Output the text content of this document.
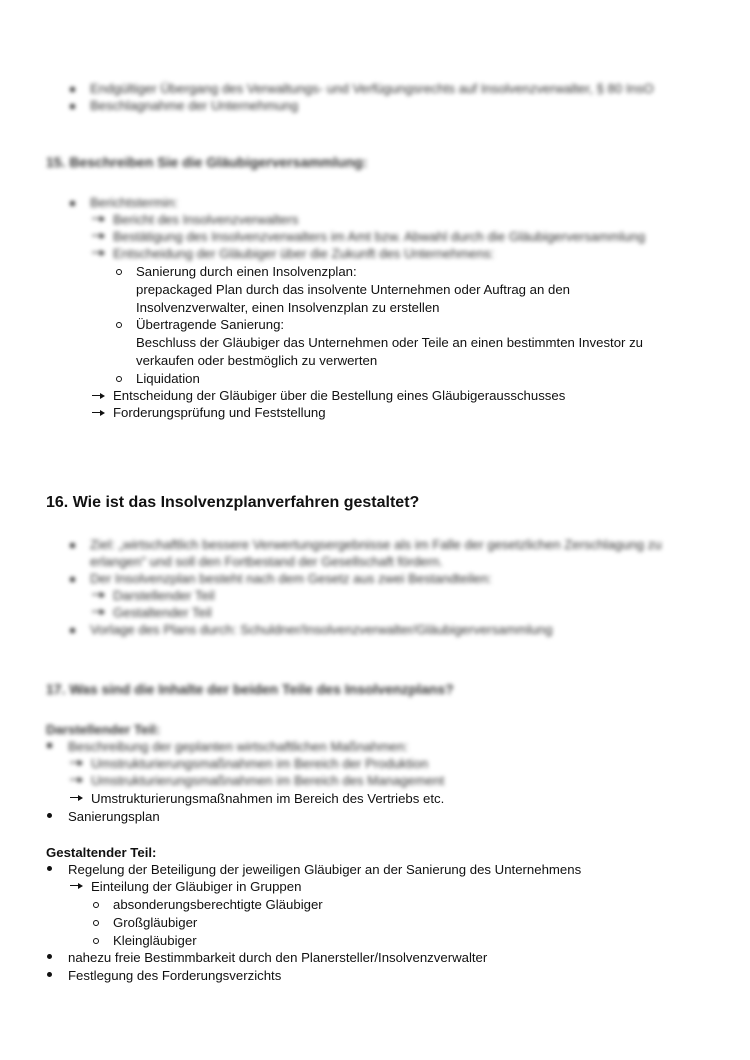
Endgültiger Übergang des Verwaltungs- und Verfügungsrechts auf Insolvenzverwalter, § 80 InsO
Beschlagnahme der Unternehmung
15. Beschreiben Sie die Gläubigerversammlung:
Berichtstermin:
Bericht des Insolvenzverwalters
Bestätigung des Insolvenzverwalters im Amt bzw. Abwahl durch die Gläubigerversammlung
Entscheidung der Gläubiger über die Zukunft des Unternehmens:
Sanierung durch einen Insolvenzplan:
prepackaged Plan durch das insolvente Unternehmen oder Auftrag an den
Insolvenzverwalter, einen Insolvenzplan zu erstellen
Übertragende Sanierung:
Beschluss der Gläubiger das Unternehmen oder Teile an einen bestimmten Investor zu
verkaufen oder bestmöglich zu verwerten
Liquidation
Entscheidung der Gläubiger über die Bestellung eines Gläubigerausschusses
Forderungsprüfung und Feststellung
16. Wie ist das Insolvenzplanverfahren gestaltet?
Ziel: „wirtschaftlich bessere Verwertungsergebnisse als im Falle der gesetzlichen Zerschlagung zu
erlangen" und soll den Fortbestand der Gesellschaft fördern.
Der Insolvenzplan besteht nach dem Gesetz aus zwei Bestandteilen:
Darstellender Teil
Gestaltender Teil
Vorlage des Plans durch: Schuldner/Insolvenzverwalter/Gläubigerversammlung
17. Was sind die Inhalte der beiden Teile des Insolvenzplans?
Darstellender Teil:
Beschreibung der geplanten wirtschaftlichen Maßnahmen:
Umstrukturierungsmaßnahmen im Bereich der Produktion
Umstrukturierungsmaßnahmen im Bereich des Management
Umstrukturierungsmaßnahmen im Bereich des Vertriebs etc.
Sanierungsplan
Gestaltender Teil:
Regelung der Beteiligung der jeweiligen Gläubiger an der Sanierung des Unternehmens
Einteilung der Gläubiger in Gruppen
absonderungsberechtigte Gläubiger
Großgläubiger
Kleingläubiger
nahezu freie Bestimmbarkeit durch den Planersteller/Insolvenzverwalter
Festlegung des Forderungsverzichts
